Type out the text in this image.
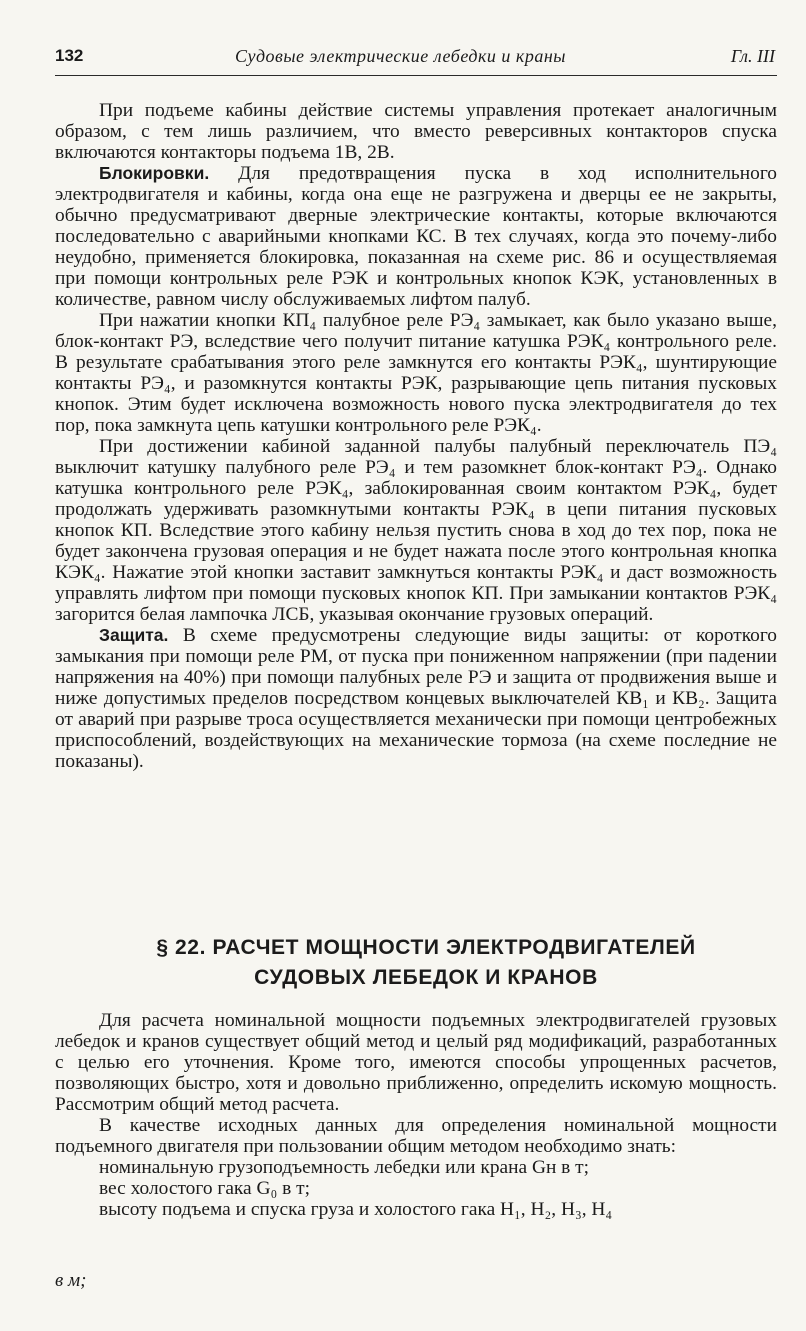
132	Судовые электрические лебедки и краны	Гл. III

При подъеме кабины действие системы управления протекает аналогичным образом, с тем лишь различием, что вместо реверсивных контакторов спуска включаются контакторы подъема 1В, 2В.

Блокировки. Для предотвращения пуска в ход исполнительного электродвигателя и кабины, когда она еще не разгружена и дверцы ее не закрыты, обычно предусматривают дверные электрические контакты, которые включаются последовательно с аварийными кнопками КС. В тех случаях, когда это почему-либо неудобно, применяется блокировка, показанная на схеме рис. 86 и осуществляемая при помощи контрольных реле РЭК и контрольных кнопок КЭК, установленных в количестве, равном числу обслуживаемых лифтом палуб.

При нажатии кнопки КП₄ палубное реле РЭ₄ замыкает, как было указано выше, блок-контакт РЭ, вследствие чего получит питание катушка РЭК₄ контрольного реле. В результате срабатывания этого реле замкнутся его контакты РЭК₄, шунтирующие контакты РЭ₄, и разомкнутся контакты РЭК, разрывающие цепь питания пусковых кнопок. Этим будет исключена возможность нового пуска электродвигателя до тех пор, пока замкнута цепь катушки контрольного реле РЭК₄.

При достижении кабиной заданной палубы палубный переключатель ПЭ₄ выключит катушку палубного реле РЭ₄ и тем разомкнет блок-контакт РЭ₄. Однако катушка контрольного реле РЭК₄, заблокированная своим контактом РЭК₄, будет продолжать удерживать разомкнутыми контакты РЭК₄ в цепи питания пусковых кнопок КП. Вследствие этого кабину нельзя пустить снова в ход до тех пор, пока не будет закончена грузовая операция и не будет нажата после этого контрольная кнопка КЭК₄. Нажатие этой кнопки заставит замкнуться контакты РЭК₄ и даст возможность управлять лифтом при помощи пусковых кнопок КП. При замыкании контактов РЭК₄ загорится белая лампочка ЛСБ, указывая окончание грузовых операций.

Защита. В схеме предусмотрены следующие виды защиты: от короткого замыкания при помощи реле РМ, от пуска при пониженном напряжении (при падении напряжения на 40%) при помощи палубных реле РЭ и защита от продвижения выше и ниже допустимых пределов посредством концевых выключателей КВ₁ и КВ₂. Защита от аварий при разрыве троса осуществляется механически при помощи центробежных приспособлений, воздействующих на механические тормоза (на схеме последние не показаны).

§ 22. РАСЧЕТ МОЩНОСТИ ЭЛЕКТРОДВИГАТЕЛЕЙ
СУДОВЫХ ЛЕБЕДОК И КРАНОВ

Для расчета номинальной мощности подъемных электродвигателей грузовых лебедок и кранов существует общий метод и целый ряд модификаций, разработанных с целью его уточнения. Кроме того, имеются способы упрощенных расчетов, позволяющих быстро, хотя и довольно приближенно, определить искомую мощность. Рассмотрим общий метод расчета.

В качестве исходных данных для определения номинальной мощности подъемного двигателя при пользовании общим методом необходимо знать:

номинальную грузоподъемность лебедки или крана Gн в т;
вес холостого гака G₀ в т;
высоту подъема и спуска груза и холостого гака H₁, H₂, H₃, H₄
в м;
